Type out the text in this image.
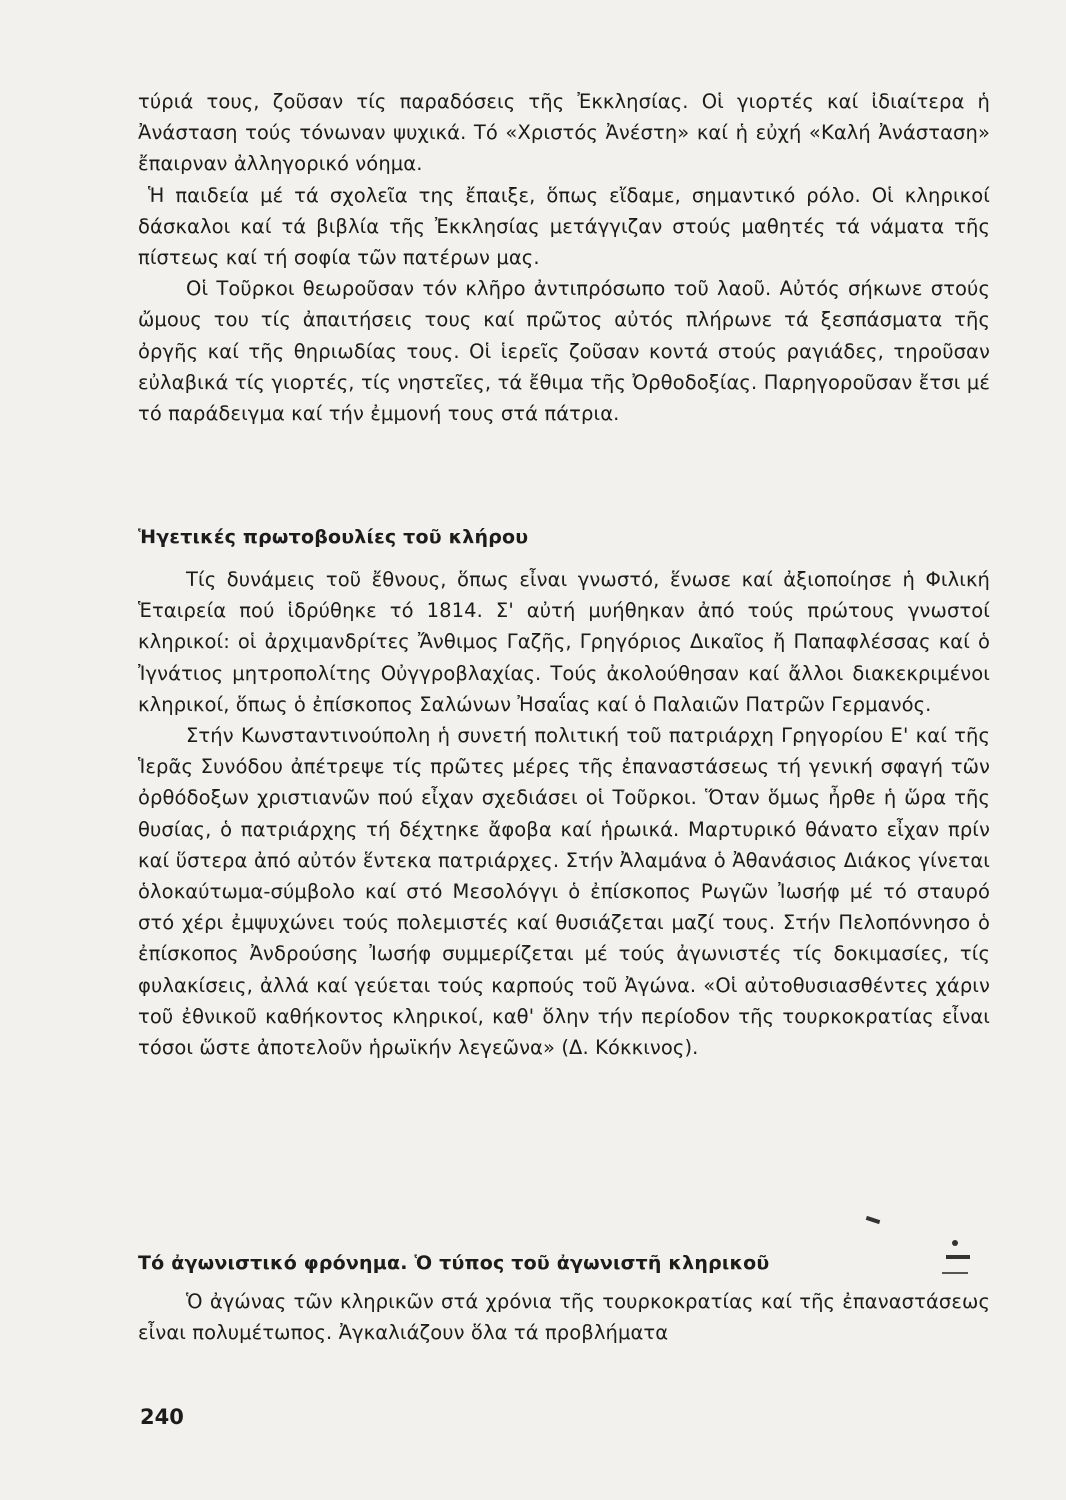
τύριά τους, ζοῦσαν τίς παραδόσεις τῆς Ἐκκλησίας. Οἱ γιορτές καί ἰδιαίτερα ἡ Ἀνάσταση τούς τόνωναν ψυχικά. Τό «Χριστός Ἀνέστη» καί ἡ εὐχή «Καλή Ἀνάσταση» ἔπαιρναν ἀλληγορικό νόημα.

Ἡ παιδεία μέ τά σχολεῖα της ἔπαιξε, ὅπως εἴδαμε, σημαντικό ρόλο. Οἱ κληρικοί δάσκαλοι καί τά βιβλία τῆς Ἐκκλησίας μετάγγιζαν στούς μαθητές τά νάματα τῆς πίστεως καί τή σοφία τῶν πατέρων μας.

Οἱ Τοῦρκοι θεωροῦσαν τόν κλῆρο ἀντιπρόσωπο τοῦ λαοῦ. Αὐτός σήκωνε στούς ὤμους του τίς ἀπαιτήσεις τους καί πρῶτος αὐτός πλήρωνε τά ξεσπάσματα τῆς ὀργῆς καί τῆς θηριωδίας τους. Οἱ ἱερεῖς ζοῦσαν κοντά στούς ραγιάδες, τηροῦσαν εὐλαβικά τίς γιορτές, τίς νηστεῖες, τά ἔθιμα τῆς Ὀρθοδοξίας. Παρηγοροῦσαν ἔτσι μέ τό παράδειγμα καί τήν ἐμμονή τους στά πάτρια.

Ἡγετικές πρωτοβουλίες τοῦ κλήρου

Τίς δυνάμεις τοῦ ἔθνους, ὅπως εἶναι γνωστό, ἕνωσε καί ἀξιοποίησε ἡ Φιλική Ἑταιρεία πού ἱδρύθηκε τό 1814. Σ' αὐτή μυήθηκαν ἀπό τούς πρώτους γνωστοί κληρικοί: οἱ ἀρχιμανδρίτες Ἄνθιμος Γαζῆς, Γρηγόριος Δικαῖος ἤ Παπαφλέσσας καί ὁ Ἰγνάτιος μητροπολίτης Οὐγγροβλαχίας. Τούς ἀκολούθησαν καί ἄλλοι διακεκριμένοι κληρικοί, ὅπως ὁ ἐπίσκοπος Σαλώνων Ἠσαΐας καί ὁ Παλαιῶν Πατρῶν Γερμανός.

Στήν Κωνσταντινούπολη ἡ συνετή πολιτική τοῦ πατριάρχη Γρηγορίου Ε' καί τῆς Ἱερᾶς Συνόδου ἀπέτρεψε τίς πρῶτες μέρες τῆς ἐπαναστάσεως τή γενική σφαγή τῶν ὀρθόδοξων χριστιανῶν πού εἶχαν σχεδιάσει οἱ Τοῦρκοι. Ὅταν ὅμως ἦρθε ἡ ὥρα τῆς θυσίας, ὁ πατριάρχης τή δέχτηκε ἄφοβα καί ἡρωικά. Μαρτυρικό θάνατο εἶχαν πρίν καί ὕστερα ἀπό αὐτόν ἕντεκα πατριάρχες. Στήν Ἀλαμάνα ὁ Ἀθανάσιος Διάκος γίνεται ὁλοκαύτωμα-σύμβολο καί στό Μεσολόγγι ὁ ἐπίσκοπος Ρωγῶν Ἰωσήφ μέ τό σταυρό στό χέρι ἐμψυχώνει τούς πολεμιστές καί θυσιάζεται μαζί τους. Στήν Πελοπόννησο ὁ ἐπίσκοπος Ἀνδρούσης Ἰωσήφ συμμερίζεται μέ τούς ἀγωνιστές τίς δοκιμασίες, τίς φυλακίσεις, ἀλλά καί γεύεται τούς καρπούς τοῦ Ἀγώνα. «Οἱ αὐτοθυσιασθέντες χάριν τοῦ ἐθνικοῦ καθήκοντος κληρικοί, καθ' ὅλην τήν περίοδον τῆς τουρκοκρατίας εἶναι τόσοι ὥστε ἀποτελοῦν ἡρωϊκήν λεγεῶνα» (Δ. Κόκκινος).

Τό ἀγωνιστικό φρόνημα. Ὁ τύπος τοῦ ἀγωνιστῆ κληρικοῦ

Ὁ ἀγώνας τῶν κληρικῶν στά χρόνια τῆς τουρκοκρατίας καί τῆς ἐπαναστάσεως εἶναι πολυμέτωπος. Ἀγκαλιάζουν ὅλα τά προβλήματα

240
